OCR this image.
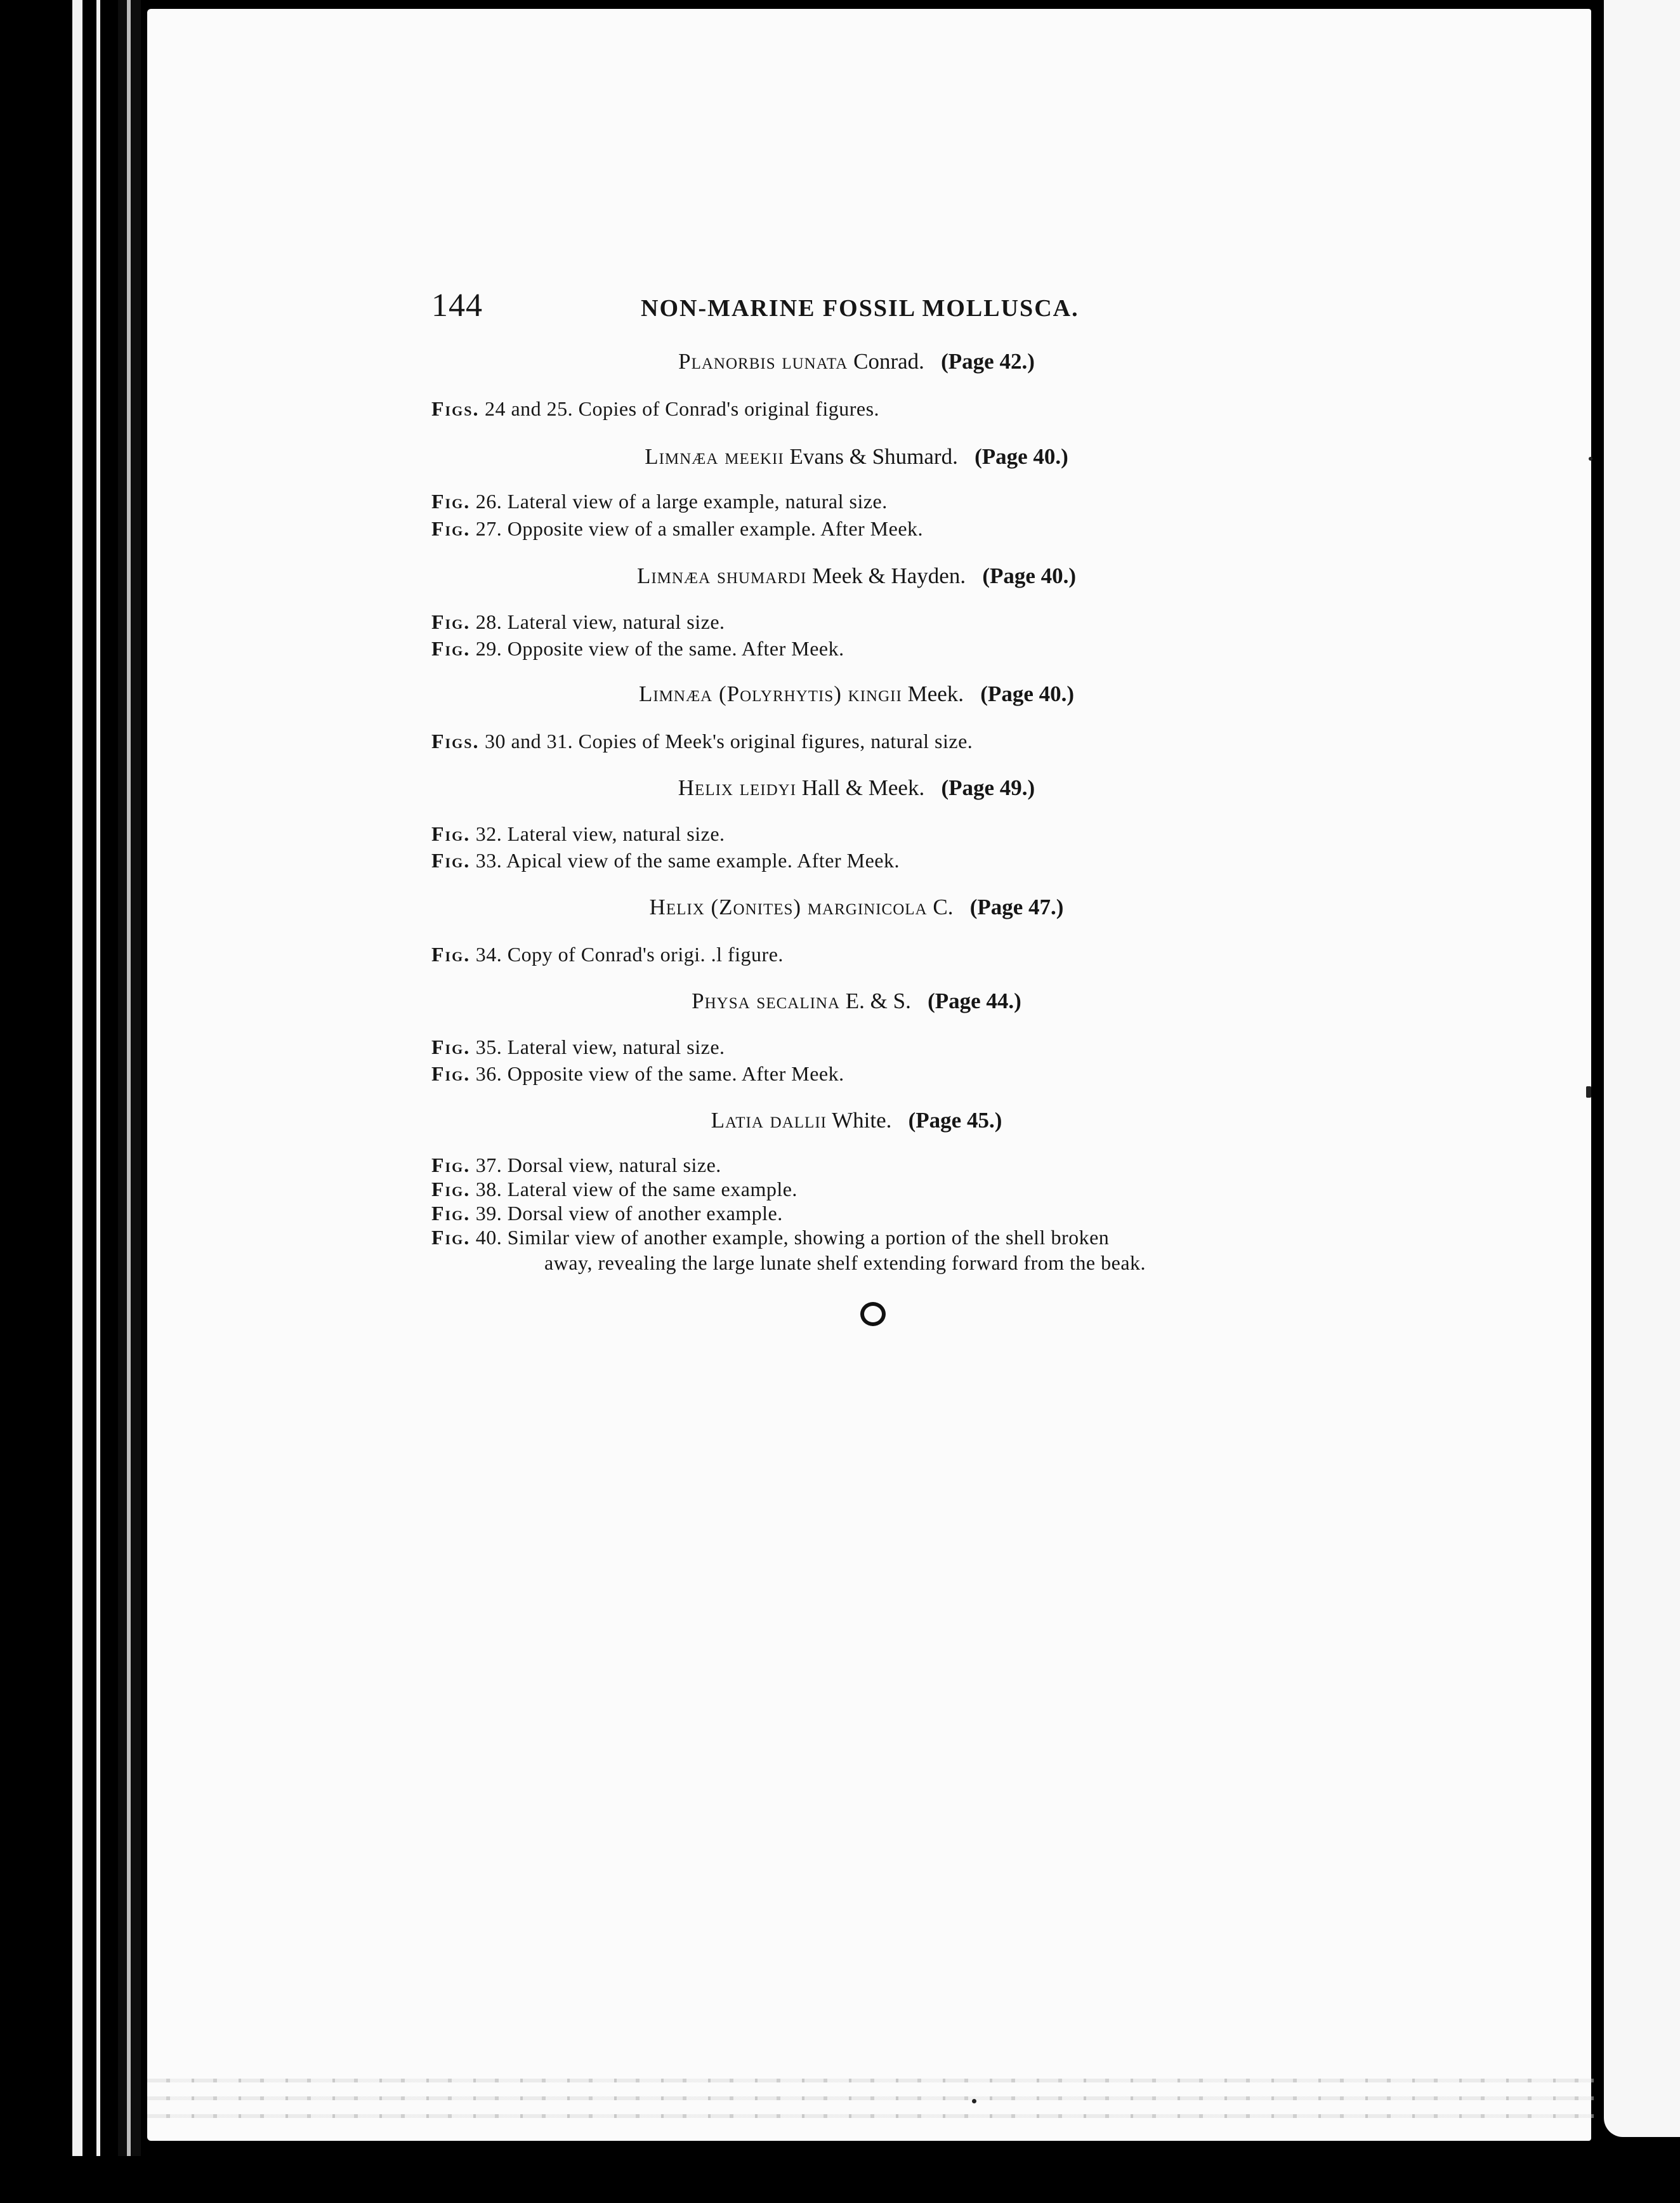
144	NON-MARINE FOSSIL MOLLUSCA.
Planorbis lunata Conrad. (Page 42.)
Figs. 24 and 25. Copies of Conrad's original figures.
Limnæa meekii Evans & Shumard. (Page 40.)
Fig. 26. Lateral view of a large example, natural size.
Fig. 27. Opposite view of a smaller example. After Meek.
Limnæa shumardi Meek & Hayden. (Page 40.)
Fig. 28. Lateral view, natural size.
Fig. 29. Opposite view of the same. After Meek.
Limnæa (Polyrhytis) kingii Meek. (Page 40.)
Figs. 30 and 31. Copies of Meek's original figures, natural size.
Helix leidyi Hall & Meek. (Page 49.)
Fig. 32. Lateral view, natural size.
Fig. 33. Apical view of the same example. After Meek.
Helix (Zonites) marginicola C. (Page 47.)
Fig. 34. Copy of Conrad's origi. .l figure.
Physa secalina E. & S. (Page 44.)
Fig. 35. Lateral view, natural size.
Fig. 36. Opposite view of the same. After Meek.
Latia dallii White. (Page 45.)
Fig. 37. Dorsal view, natural size.
Fig. 38. Lateral view of the same example.
Fig. 39. Dorsal view of another example.
Fig. 40. Similar view of another example, showing a portion of the shell broken
away, revealing the large lunate shelf extending forward from the beak.
